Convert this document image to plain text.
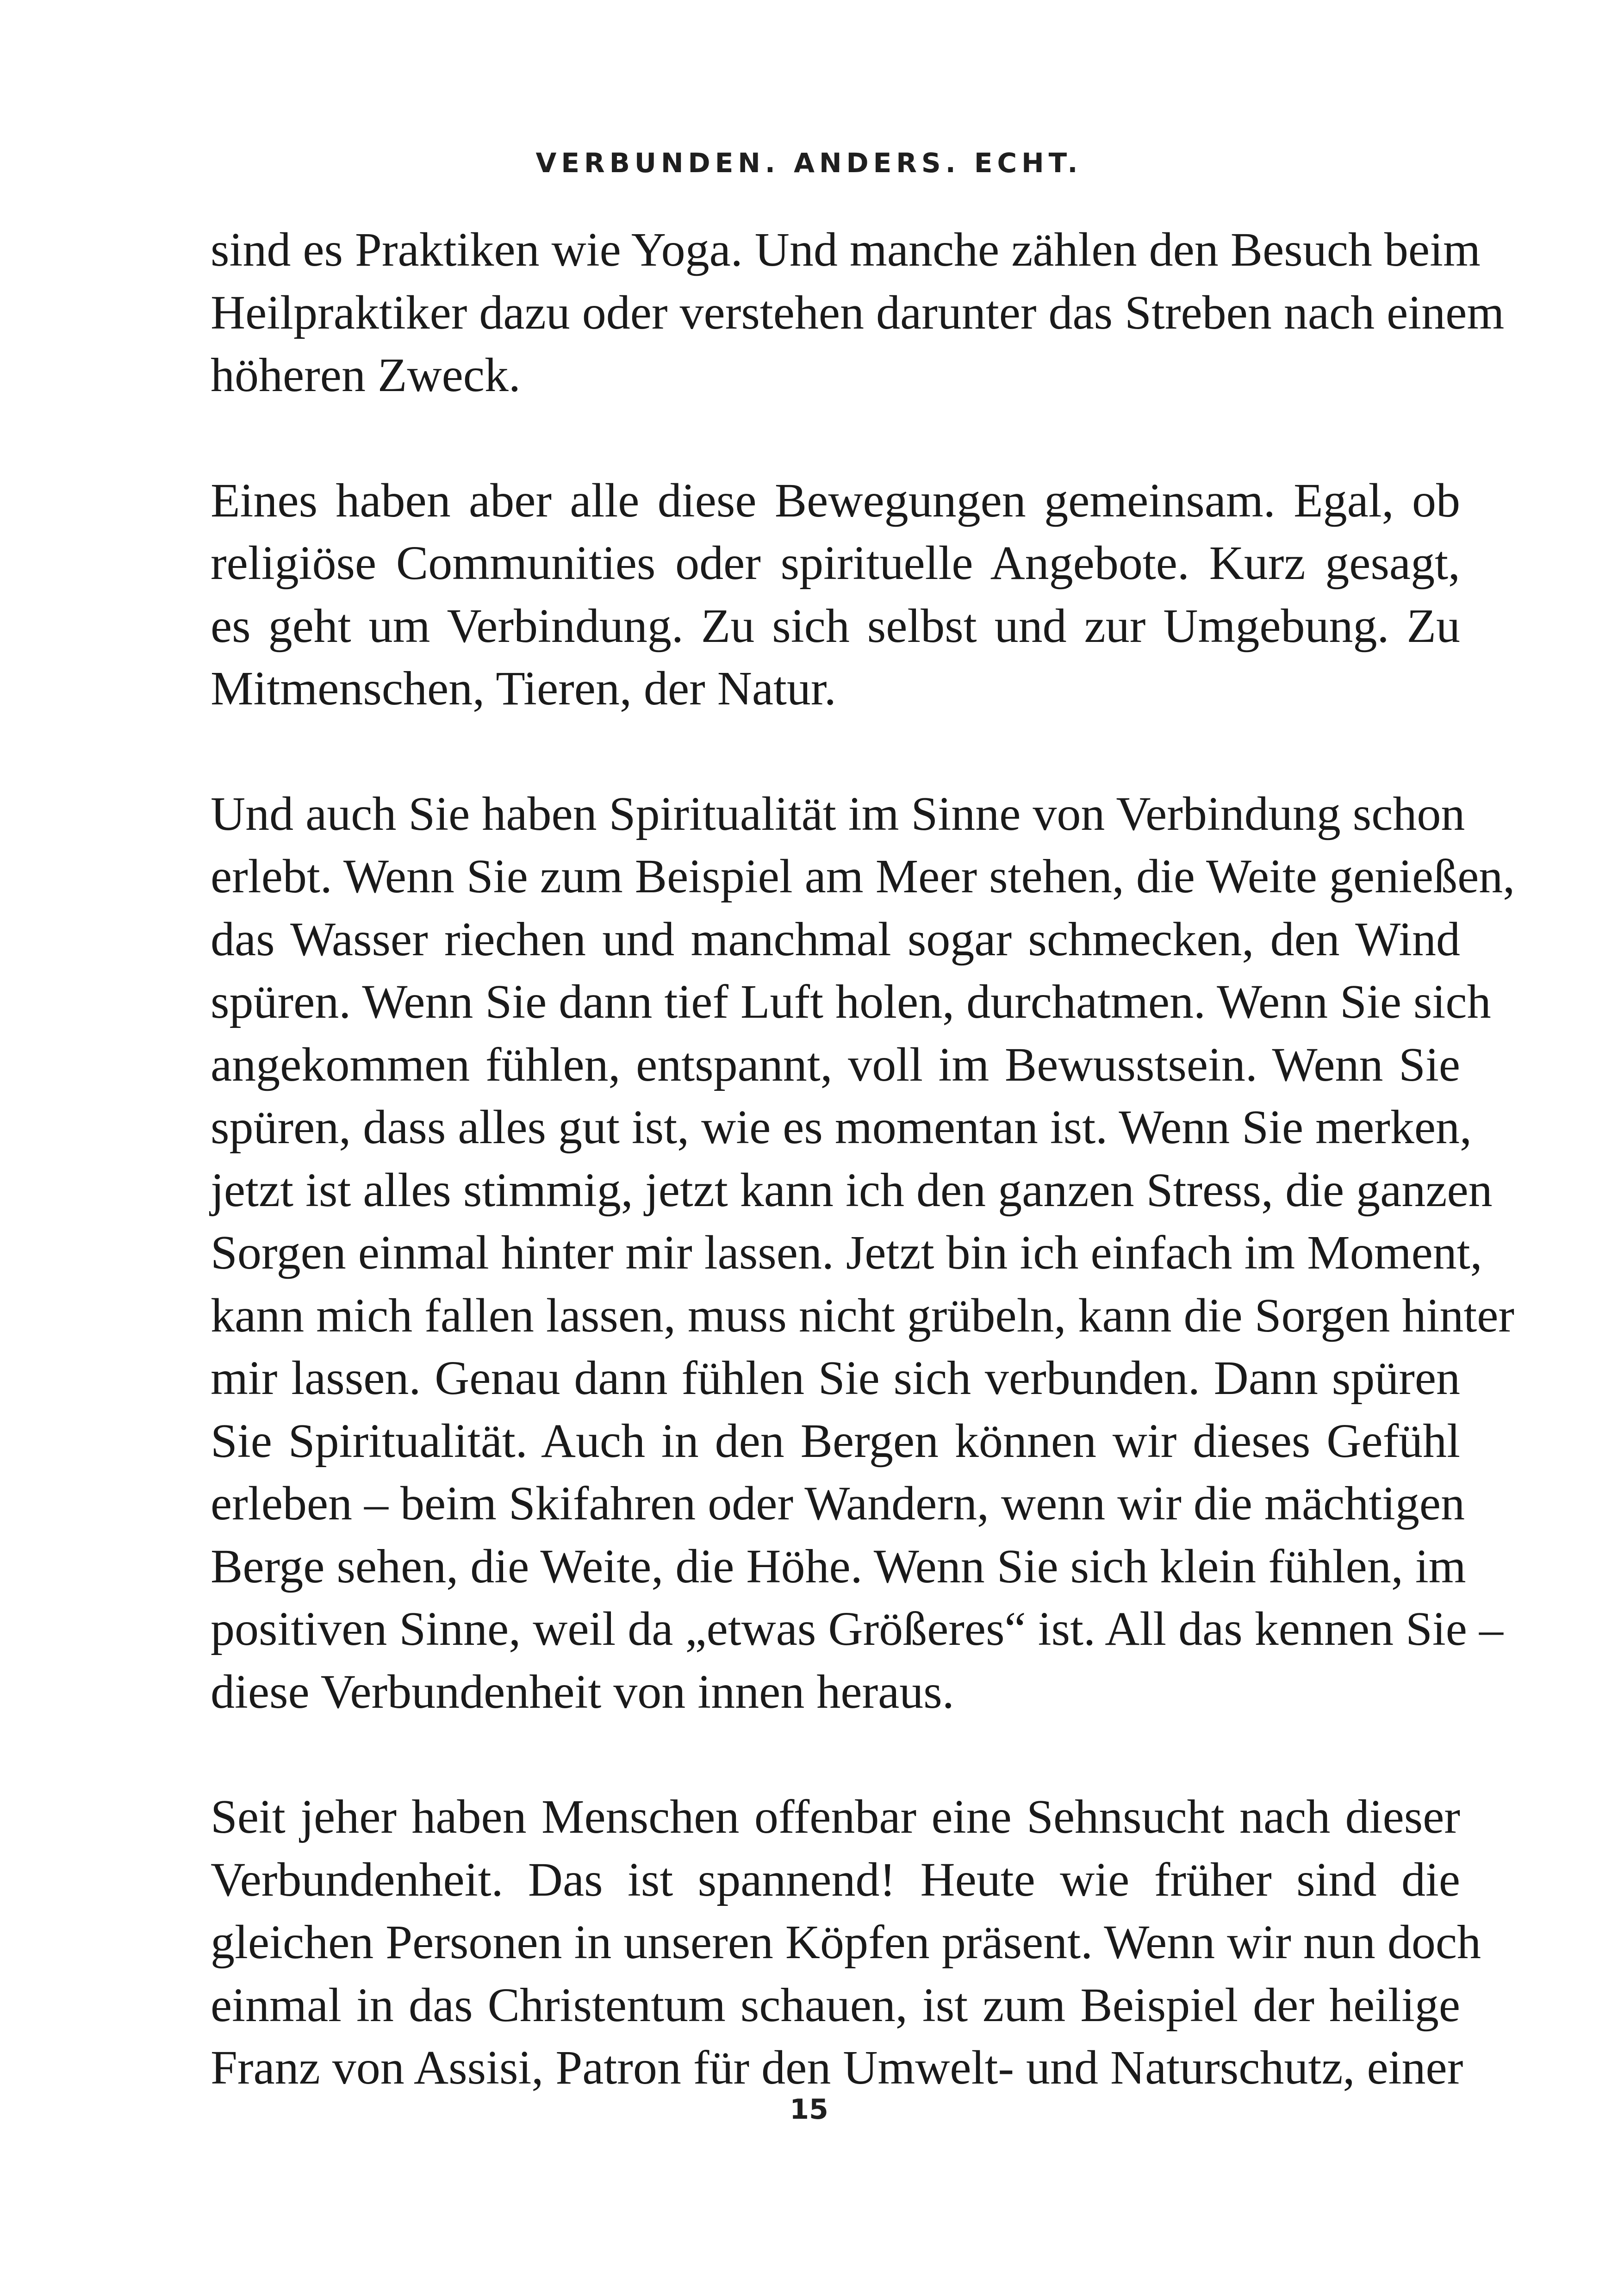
VERBUNDEN. ANDERS. ECHT.

sind es Praktiken wie Yoga. Und manche zählen den Besuch beim
Heilpraktiker dazu oder verstehen darunter das Streben nach einem
höheren Zweck.

Eines haben aber alle diese Bewegungen gemeinsam. Egal, ob
religiöse Communities oder spirituelle Angebote. Kurz gesagt,
es geht um Verbindung. Zu sich selbst und zur Umgebung. Zu
Mitmenschen, Tieren, der Natur.

Und auch Sie haben Spiritualität im Sinne von Verbindung schon
erlebt. Wenn Sie zum Beispiel am Meer stehen, die Weite genießen,
das Wasser riechen und manchmal sogar schmecken, den Wind
spüren. Wenn Sie dann tief Luft holen, durchatmen. Wenn Sie sich
angekommen fühlen, entspannt, voll im Bewusstsein. Wenn Sie
spüren, dass alles gut ist, wie es momentan ist. Wenn Sie merken,
jetzt ist alles stimmig, jetzt kann ich den ganzen Stress, die ganzen
Sorgen einmal hinter mir lassen. Jetzt bin ich einfach im Moment,
kann mich fallen lassen, muss nicht grübeln, kann die Sorgen hinter
mir lassen. Genau dann fühlen Sie sich verbunden. Dann spüren
Sie Spiritualität. Auch in den Bergen können wir dieses Gefühl
erleben – beim Skifahren oder Wandern, wenn wir die mächtigen
Berge sehen, die Weite, die Höhe. Wenn Sie sich klein fühlen, im
positiven Sinne, weil da „etwas Größeres“ ist. All das kennen Sie –
diese Verbundenheit von innen heraus.

Seit jeher haben Menschen offenbar eine Sehnsucht nach dieser
Verbundenheit. Das ist spannend! Heute wie früher sind die
gleichen Personen in unseren Köpfen präsent. Wenn wir nun doch
einmal in das Christentum schauen, ist zum Beispiel der heilige
Franz von Assisi, Patron für den Umwelt- und Naturschutz, einer

15
